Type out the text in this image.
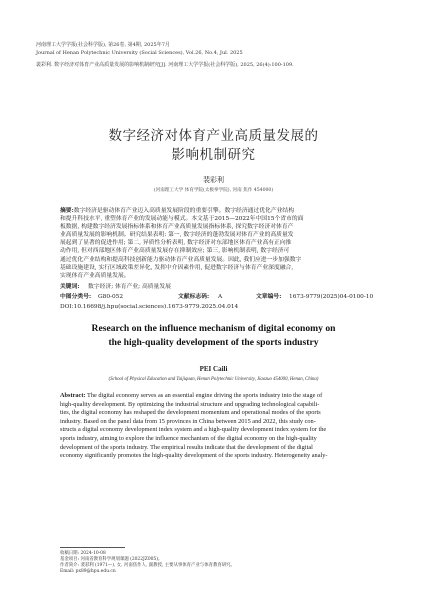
河南理工大学学报(社会科学版), 第26卷, 第4期, 2025年7月
Journal of Henan Polytechnic University (Social Sciences), Vol.26, No.4, Jul. 2025
裴彩利. 数字经济对体育产业高质量发展的影响机制研究[J]. 河南理工大学学报(社会科学版), 2025, 26(4):100-109.
数字经济对体育产业高质量发展的
影响机制研究
裴彩利
(河南理工大学 体育学院(太极拳学院), 河南 焦作 454000)
摘要:数字经济是驱动体育产业迈入高质量发展阶段的重要引擎。数字经济通过优化产业结构
和提升科技水平, 重塑体育产业的发展动能与模式。本文基于2015—2022年中国15个省市的面
板数据, 构建数字经济发展指标体系和体育产业高质量发展指标体系, 探究数字经济对体育产
业高质量发展的影响机制。研究结果表明: 第一, 数字经济的蓬勃发展对体育产业的高质量发
展起到了显著的促进作用; 第二, 异质性分析表明, 数字经济对东部地区体育产业高有正向推
动作用, 但对西部地区体育产业高质量发展存在抑制效应; 第三, 影响机制表明, 数字经济可
通过优化产业结构和提高科技创新能力驱动体育产业高质量发展。因此, 我们应进一步加强数字
基础设施建设, 实行区域政策差异化, 发挥中介因素作用, 促进数字经济与体育产业深度融合,
实现体育产业高质量发展。
关键词: 数字经济; 体育产业; 高质量发展
中图分类号: G80-052	文献标志码: A	文章编号: 1673-9779(2025)04-0100-10
DOI:10.16698/j.hpu(social.sciences).1673-9779.2025.04.014
Research on the influence mechanism of digital economy on
the high-quality development of the sports industry
PEI Caili
(School of Physical Education and Taijiquan, Henan Polytechnic University, Jiaozuo 454000, Henan, China)
Abstract: The digital economy serves as an essential engine driving the sports industry into the stage of
high-quality development. By optimizing the industrial structure and upgrading technological capabili-
ties, the digital economy has reshaped the development momentum and operational modes of the sports
industry. Based on the panel data from 15 provinces in China between 2015 and 2022, this study con-
structs a digital economy development index system and a high-quality development index system for the
sports industry, aiming to explore the influence mechanism of the digital economy on the high-quality
development of the sports industry. The empirical results indicate that the development of the digital
economy significantly promotes the high-quality development of the sports industry. Heterogeneity analy-
收稿日期: 2024-10-08
基金项目: 河南省教育科学规划课题 (2022JZ005)。
作者简介: 裴彩利 (1971—), 女, 河南焦作人, 副教授, 主要从事体育产业与体育教育研究。
Email: px89@hpu.edu.cn
